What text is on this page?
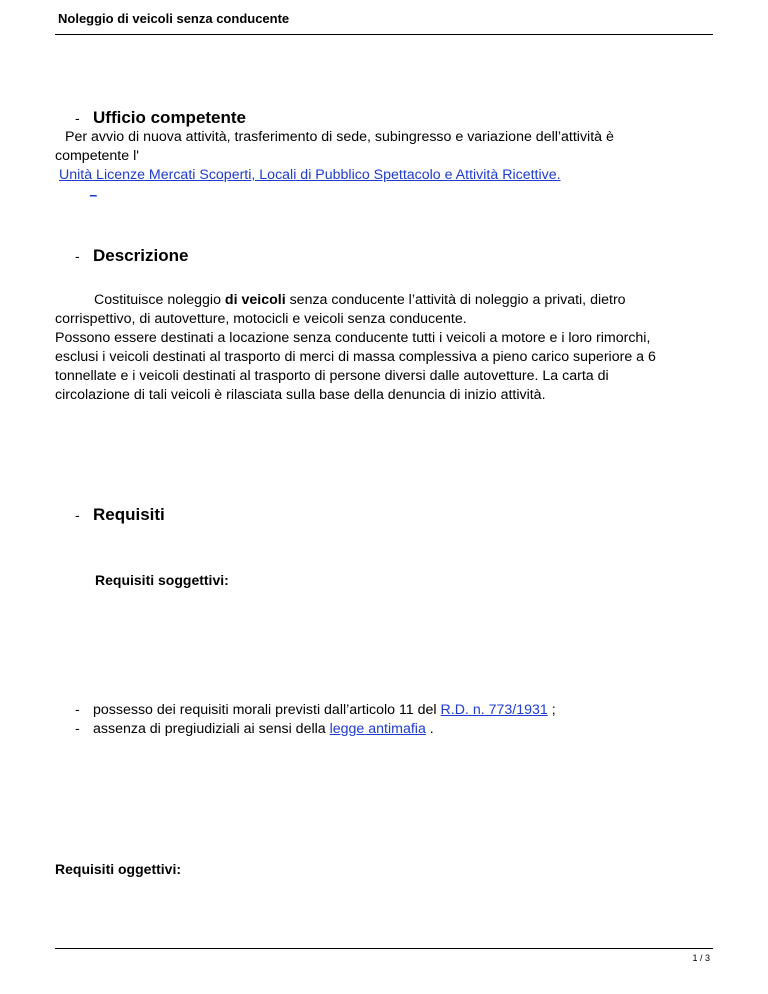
Noleggio di veicoli senza conducente
- Ufficio competente
Per avvio di nuova attività, trasferimento di sede, subingresso e variazione dell’attività è
competente l'
Unità Licenze Mercati Scoperti, Locali di Pubblico Spettacolo e Attività Ricettive.
_
- Descrizione
Costituisce noleggio di veicoli senza conducente l’attività di noleggio a privati, dietro
corrispettivo, di autovetture, motocicli e veicoli senza conducente.
Possono essere destinati a locazione senza conducente tutti i veicoli a motore e i loro rimorchi,
esclusi i veicoli destinati al trasporto di merci di massa complessiva a pieno carico superiore a 6
tonnellate e i veicoli destinati al trasporto di persone diversi dalle autovetture. La carta di
circolazione di tali veicoli è rilasciata sulla base della denuncia di inizio attività.
- Requisiti
Requisiti soggettivi:
- possesso dei requisiti morali previsti dall’articolo 11 del R.D. n. 773/1931 ;
- assenza di pregiudiziali ai sensi della legge antimafia .
Requisiti oggettivi:
1 / 3
